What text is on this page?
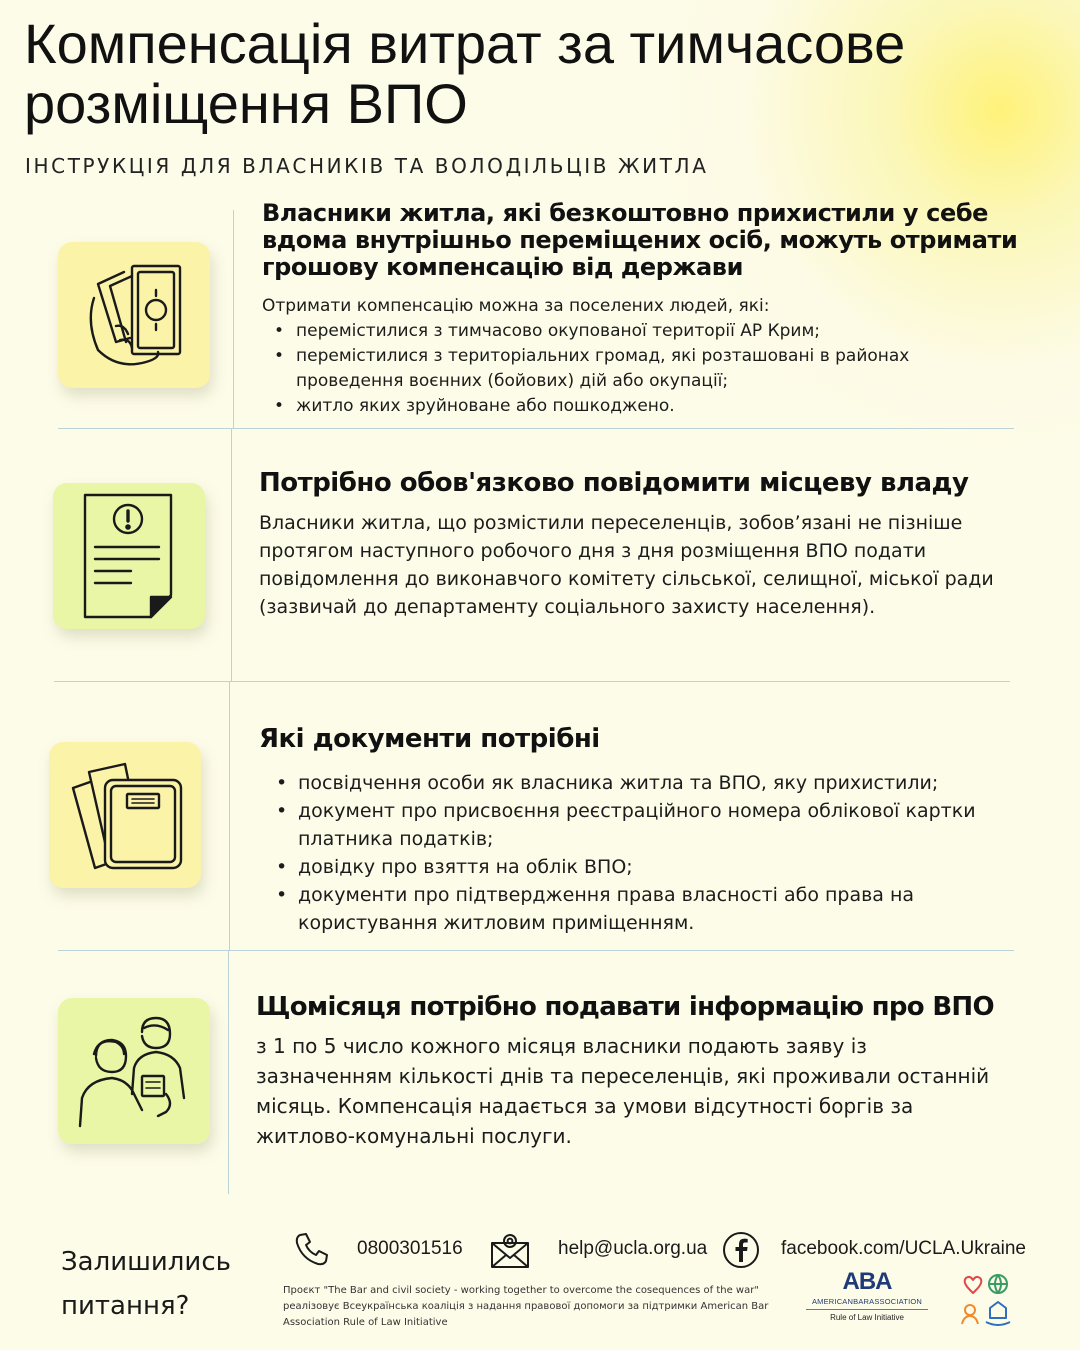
Компенсація витрат за тимчасове розміщення ВПО
ІНСТРУКЦІЯ ДЛЯ ВЛАСНИКІВ ТА ВОЛОДІЛЬЦІВ ЖИТЛА
Власники житла, які безкоштовно прихистили у себе вдома внутрішньо переміщених осіб, можуть отримати грошову компенсацію від держави
Отримати компенсацію можна за поселених людей, які:
• перемістилися з тимчасово окупованої території АР Крим;
• перемістилися з територіальних громад, які розташовані в районах проведення воєнних (бойових) дій або окупації;
• житло яких зруйноване або пошкоджено.
Потрібно обов'язково повідомити місцеву владу
Власники житла, що розмістили переселенців, зобов’язані не пізніше протягом наступного робочого дня з дня розміщення ВПО подати повідомлення до виконавчого комітету сільської, селищної, міської ради (зазвичай до департаменту соціального захисту населення).
Які документи потрібні
• посвідчення особи як власника житла та ВПО, яку прихистили;
• документ про присвоєння реєстраційного номера облікової картки платника податків;
• довідку про взяття на облік ВПО;
• документи про підтвердження права власності або права на користування житловим приміщенням.
Щомісяця потрібно подавати інформацію про ВПО
з 1 по 5 число кожного місяця власники подають заяву із зазначенням кількості днів та переселенців, які проживали останній місяць. Компенсація надається за умови відсутності боргів за житлово-комунальні послуги.
Залишились питання?
0800301516	help@ucla.org.ua	facebook.com/UCLA.Ukraine
Проєкт "The Bar and civil society - working together to overcome the cosequences of the war" реалізовує Всеукраїнська коаліція з надання правової допомоги за підтримки American Bar Association Rule of Law Initiative
ABA
AMERICANBARASSOCIATION
Rule of Law Initiative
